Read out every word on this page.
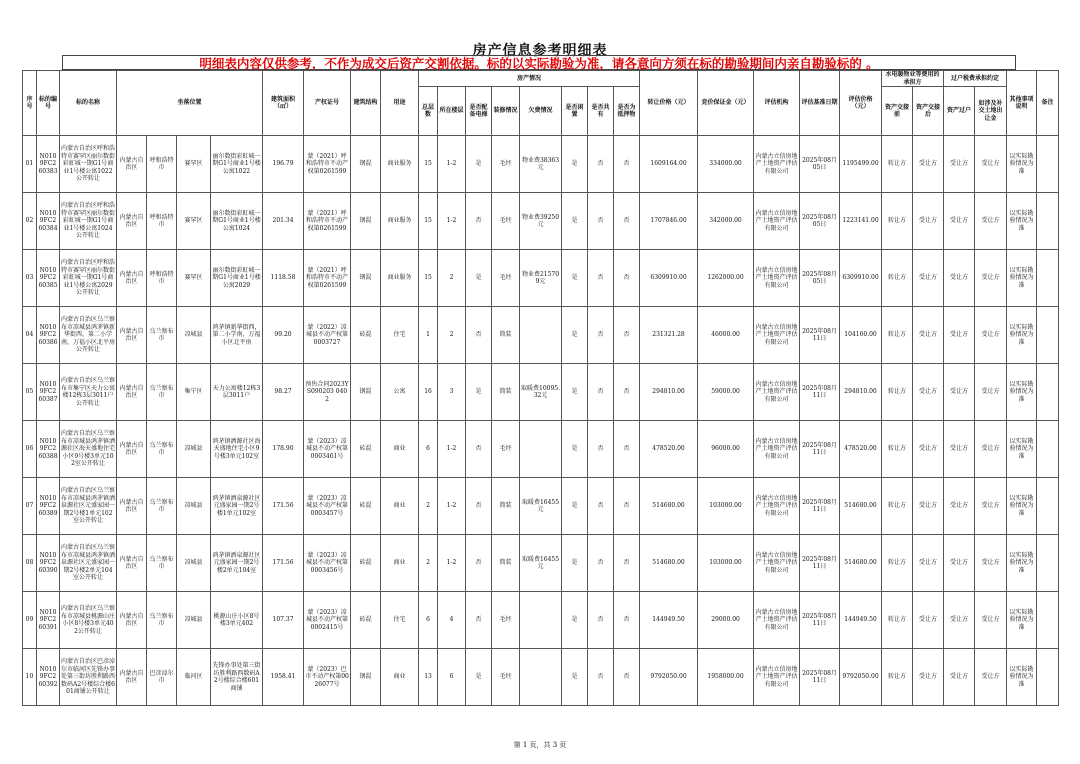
房产信息参考明细表
明细表内容仅供参考，不作为成交后资产交割依据。标的以实际勘验为准，请各意向方须在标的勘验期间内亲自勘验标的 。
序号	标的编号	标的名称	坐落位置				建筑面积（㎡）	产权证号	建筑结构	用途	房产情况								转让价格（元）	竞价保证金（元）	评估机构	评估基准日期	评估价格（元）	水电暖物业等费用的承担方		过户税费承担约定		其他事项说明	备注
											总层数	所在楼层	是否配备电梯	装修情况	欠费情况	是否闲置	是否共有	是否为抵押物						资产交接前	资产交接后	资产过户	如涉及补交土地出让金		
01	N0109FC260383	内蒙古自治区呼和浩特市赛罕区丽尔数街彩虹城一期G1号商业1号楼公寓1022公开转让	内蒙古自治区	呼和浩特市	赛罕区	丽尔数街彩虹城一期G1号商业1号楼公寓1022	196.79	蒙（2021）呼和浩特市不动产权第0261599	钢混	商业服务	15	1-2	是	毛坯	物业费38363元	是	否	否	1609164.00	334000.00	内蒙古立信房地产土地资产评估有限公司	2025年08月05日	1195499.00	转让方	受让方	受让方	受让方	以实际勘验情况为准	
02	N0109FC260384	内蒙古自治区呼和浩特市赛罕区丽尔数街彩虹城一期G1号商业1号楼公寓1024公开转让	内蒙古自治区	呼和浩特市	赛罕区	丽尔数街彩虹城一期G1号商业1号楼公寓1024	201.34	蒙（2021）呼和浩特市不动产权第0261599	钢混	商业服务	15	1-2	否	毛坯	物业费39250元	是	否	否	1707846.00	342000.00	内蒙古立信房地产土地资产评估有限公司	2025年08月05日	1223141.00	转让方	受让方	受让方	受让方	以实际勘验情况为准	
03	N0109FC260385	内蒙古自治区呼和浩特市赛罕区丽尔数街彩虹城一期G1号商业1号楼公寓2029公开转让	内蒙古自治区	呼和浩特市	赛罕区	丽尔数街彩虹城一期G1号商业1号楼公寓2029	1118.58	蒙（2021）呼和浩特市不动产权第0261599	钢混	商业服务	15	2	是	毛坯	物业费215709元	是	否	否	6309910.00	1262000.00	内蒙古立信房地产土地资产评估有限公司	2025年08月05日	6309910.00	转让方	受让方	受让方	受让方	以实际勘验情况为准	
04	N0109FC260386	内蒙古自治区乌兰察布市凉城县鸿茅镇新华街西，第二小学南，万福小区北平房公开转让	内蒙古自治区	乌兰察布市	凉城县	鸿茅镇新华街西，第二小学南，万福小区北平房	99.20	蒙（2022）凉城县不动产权第0003727	砖混	住宅	1	2	否	简装		是	否	否	231321.28	46000.00	内蒙古立信房地产土地资产评估有限公司	2025年08月11日	104160.00	转让方	受让方	受让方	受让方	以实际勘验情况为准	
05	N0109FC260387	内蒙古自治区乌兰察布市集宁区天力公寓楼12栋3层3011户公开转让	内蒙古自治区	乌兰察布市	集宁区	天力公寓楼12栋3层3011户	98.27	预售合同2023YS090203 0402	钢混	公寓	16	3	是	简装	取暖费10095.32元	是	否	否	294810.00	59000.00	内蒙古立信房地产土地资产评估有限公司	2025年08月11日	294810.00	转让方	受让方	受让方	受让方	以实际勘验情况为准	
06	N0109FC260388	内蒙古自治区乌兰察布市凉城县鸿茅镇洒源社区海天盛地住宅小区9号楼3单元102室公开转让	内蒙古自治区	乌兰察布市	凉城县	鸿茅镇洒源社区海天盛地住宅小区9号楼3单元102室	178.90	蒙（2023）凉城县不动产权第0003461号	砖混	商业	6	1-2	否	毛坯		是	否	否	478520.00	96000.00	内蒙古立信房地产土地资产评估有限公司	2025年08月11日	478520.00	转让方	受让方	受让方	受让方	以实际勘验情况为准	
07	N0109FC260389	内蒙古自治区乌兰察布市凉城县鸿茅镇洒泉源社区元盛家园一期2号楼1单元102室公开转让	内蒙古自治区	乌兰察布市	凉城县	鸿茅镇洒泉源社区元盛家园一期2号楼1单元102室	171.56	蒙（2023）凉城县不动产权第0003457号	砖混	商业	2	1-2	否	简装	取暖费16455元	是	否	否	514680.00	103000.00	内蒙古立信房地产土地资产评估有限公司	2025年08月11日	514680.00	转让方	受让方	受让方	受让方	以实际勘验情况为准	
08	N0109FC260390	内蒙古自治区乌兰察布市凉城县鸿茅镇洒泉源社区元盛家园一期2号楼2单元104室公开转让	内蒙古自治区	乌兰察布市	凉城县	鸿茅镇洒泉源社区元盛家园一期2号楼2单元104室	171.56	蒙（2023）凉城县不动产权第0003456号	砖混	商业	2	1-2	否	简装	取暖费16455元	是	否	否	514680.00	103000.00	内蒙古立信房地产土地资产评估有限公司	2025年08月11日	514680.00	转让方	受让方	受让方	受让方	以实际勘验情况为准	
09	N0109FC260391	内蒙古自治区乌兰察布市凉城县桃源山庄小区8号楼3单元402公开转让	内蒙古自治区	乌兰察布市	凉城县	桃源山庄小区8号楼3单元402	107.37	蒙（2023）凉城县不动产权第0002415号	砖混	住宅	6	4	否	毛坯		是	否	否	144949.50	29000.00	内蒙古立信房地产土地资产评估有限公司	2025年08月11日	144949.50	转让方	受让方	受让方	受让方	以实际勘验情况为准	
10	N0109FC260392	内蒙古自治区巴彦淖尔市临河区先锋办事处第三街坊胜利路西数码A2号楼综合楼601商铺公开转让	内蒙古自治区	巴彦淖尔市	临河区	先锋办事处第三街坊胜利路西数码A2号楼综合楼601商铺	1958.41	蒙（2023）巴市不动产权第0026077号	钢混	商业	13	6	是	毛坯		是	否	否	9792050.00	1958000.00	内蒙古立信房地产土地资产评估有限公司	2025年08月11日	9792050.00	转让方	受让方	受让方	受让方	以实际勘验情况为准	
第 1 页，共 3 页
